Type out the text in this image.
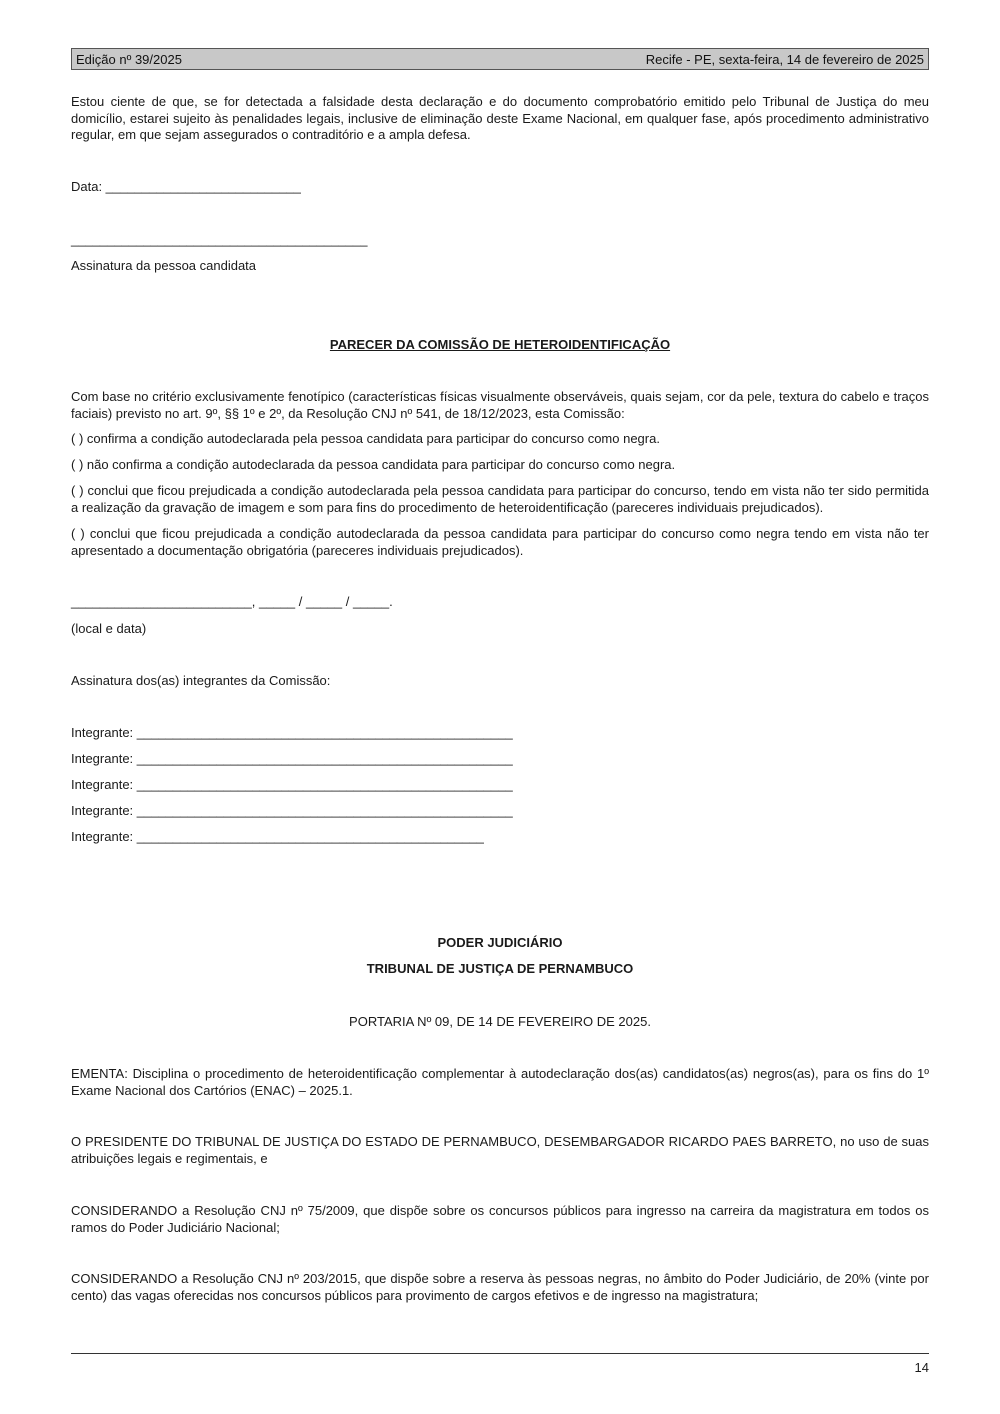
Edição nº 39/2025	Recife - PE, sexta-feira, 14 de fevereiro de 2025

Estou ciente de que, se for detectada a falsidade desta declaração e do documento comprobatório emitido pelo Tribunal de Justiça do meu domicílio, estarei sujeito às penalidades legais, inclusive de eliminação deste Exame Nacional, em qualquer fase, após procedimento administrativo regular, em que sejam assegurados o contraditório e a ampla defesa.

Data: ___________________________

_________________________________________

Assinatura da pessoa candidata

PARECER DA COMISSÃO DE HETEROIDENTIFICAÇÃO

Com base no critério exclusivamente fenotípico (características físicas visualmente observáveis, quais sejam, cor da pele, textura do cabelo e traços faciais) previsto no art. 9º, §§ 1º e 2º, da Resolução CNJ nº 541, de 18/12/2023, esta Comissão:

( ) confirma a condição autodeclarada pela pessoa candidata para participar do concurso como negra.

( ) não confirma a condição autodeclarada da pessoa candidata para participar do concurso como negra.

( ) conclui que ficou prejudicada a condição autodeclarada pela pessoa candidata para participar do concurso, tendo em vista não ter sido permitida a realização da gravação de imagem e som para fins do procedimento de heteroidentificação (pareceres individuais prejudicados).

( ) conclui que ficou prejudicada a condição autodeclarada da pessoa candidata para participar do concurso como negra tendo em vista não ter apresentado a documentação obrigatória (pareceres individuais prejudicados).

_________________________, _____ / _____ / _____.

(local e data)

Assinatura dos(as) integrantes da Comissão:

Integrante: ____________________________________________________

Integrante: ____________________________________________________

Integrante: ____________________________________________________

Integrante: ____________________________________________________

Integrante: ________________________________________________

PODER JUDICIÁRIO

TRIBUNAL DE JUSTIÇA DE PERNAMBUCO

PORTARIA Nº 09, DE 14 DE FEVEREIRO DE 2025.

EMENTA: Disciplina o procedimento de heteroidentificação complementar à autodeclaração dos(as) candidatos(as) negros(as), para os fins do 1º Exame Nacional dos Cartórios (ENAC) – 2025.1.

O PRESIDENTE DO TRIBUNAL DE JUSTIÇA DO ESTADO DE PERNAMBUCO, DESEMBARGADOR RICARDO PAES BARRETO, no uso de suas atribuições legais e regimentais, e

CONSIDERANDO a Resolução CNJ nº 75/2009, que dispõe sobre os concursos públicos para ingresso na carreira da magistratura em todos os ramos do Poder Judiciário Nacional;

CONSIDERANDO a Resolução CNJ nº 203/2015, que dispõe sobre a reserva às pessoas negras, no âmbito do Poder Judiciário, de 20% (vinte por cento) das vagas oferecidas nos concursos públicos para provimento de cargos efetivos e de ingresso na magistratura;

14
